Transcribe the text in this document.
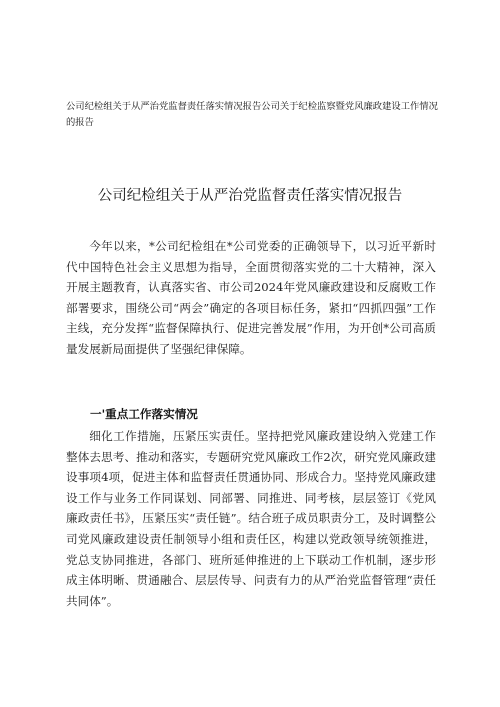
公司纪检组关于从严治党监督责任落实情况报告公司关于纪检监察暨党风廉政建设工作情况的报告
公司纪检组关于从严治党监督责任落实情况报告

今年以来，*公司纪检组在*公司党委的正确领导下，以习近平新时代中国特色社会主义思想为指导，全面贯彻落实党的二十大精神，深入开展主题教育，认真落实省、市公司2024年党风廉政建设和反腐败工作部署要求，围绕公司“两会”确定的各项目标任务，紧扣“四抓四强”工作主线，充分发挥“监督保障执行、促进完善发展”作用，为开创*公司高质量发展新局面提供了坚强纪律保障。

一'重点工作落实情况

细化工作措施，压紧压实责任。坚持把党风廉政建设纳入党建工作整体去思考、推动和落实，专题研究党风廉政工作2次，研究党风廉政建设事项4项，促进主体和监督责任贯通协同、形成合力。坚持党风廉政建设工作与业务工作同谋划、同部署、同推进、同考核，层层签订《党风廉政责任书》，压紧压实“责任链”。结合班子成员职责分工，及时调整公司党风廉政建设责任制领导小组和责任区，构建以党政领导统领推进，党总支协同推进，各部门、班所延伸推进的上下联动工作机制，逐步形成主体明晰、贯通融合、层层传导、问责有力的从严治党监督管理“责任共同体”。
